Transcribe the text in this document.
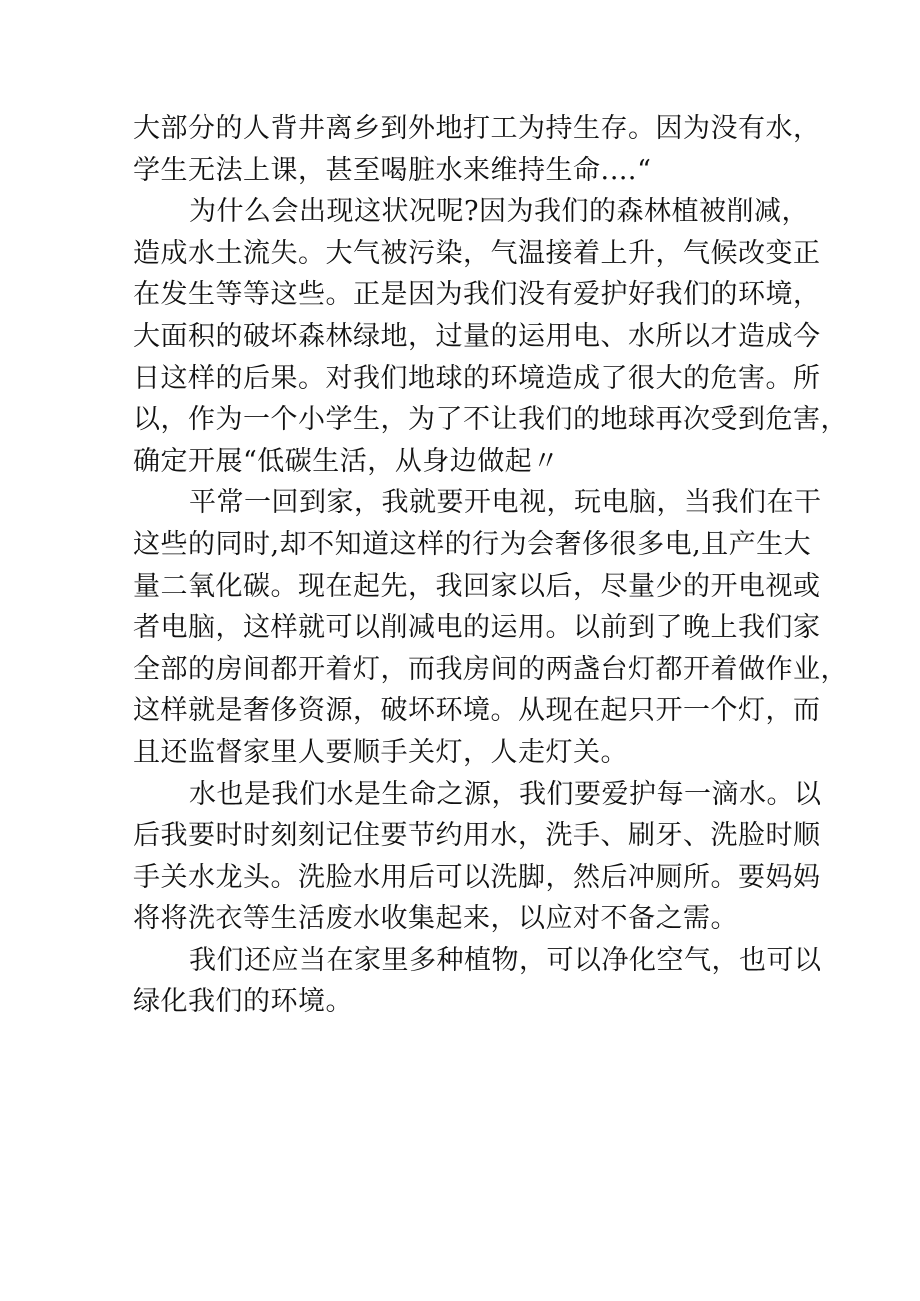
大部分的人背井离乡到外地打工为持生存。因为没有水，
学生无法上课，甚至喝脏水来维持生命.…“

为什么会出现这状况呢?因为我们的森林植被削减，
造成水土流失。大气被污染，气温接着上升，气候改变正
在发生等等这些。正是因为我们没有爱护好我们的环境，
大面积的破坏森林绿地，过量的运用电、水所以才造成今
日这样的后果。对我们地球的环境造成了很大的危害。所
以，作为一个小学生，为了不让我们的地球再次受到危害，
确定开展“低碳生活，从身边做起〃

平常一回到家，我就要开电视，玩电脑，当我们在干
这些的同时,却不知道这样的行为会奢侈很多电,且产生大
量二氧化碳。现在起先，我回家以后，尽量少的开电视或
者电脑，这样就可以削减电的运用。以前到了晚上我们家
全部的房间都开着灯，而我房间的两盏台灯都开着做作业，
这样就是奢侈资源，破坏环境。从现在起只开一个灯，而
且还监督家里人要顺手关灯，人走灯关。

水也是我们水是生命之源，我们要爱护每一滴水。以
后我要时时刻刻记住要节约用水，洗手、刷牙、洗脸时顺
手关水龙头。洗脸水用后可以洗脚，然后冲厕所。要妈妈
将将洗衣等生活废水收集起来，以应对不备之需。

我们还应当在家里多种植物，可以净化空气，也可以
绿化我们的环境。
